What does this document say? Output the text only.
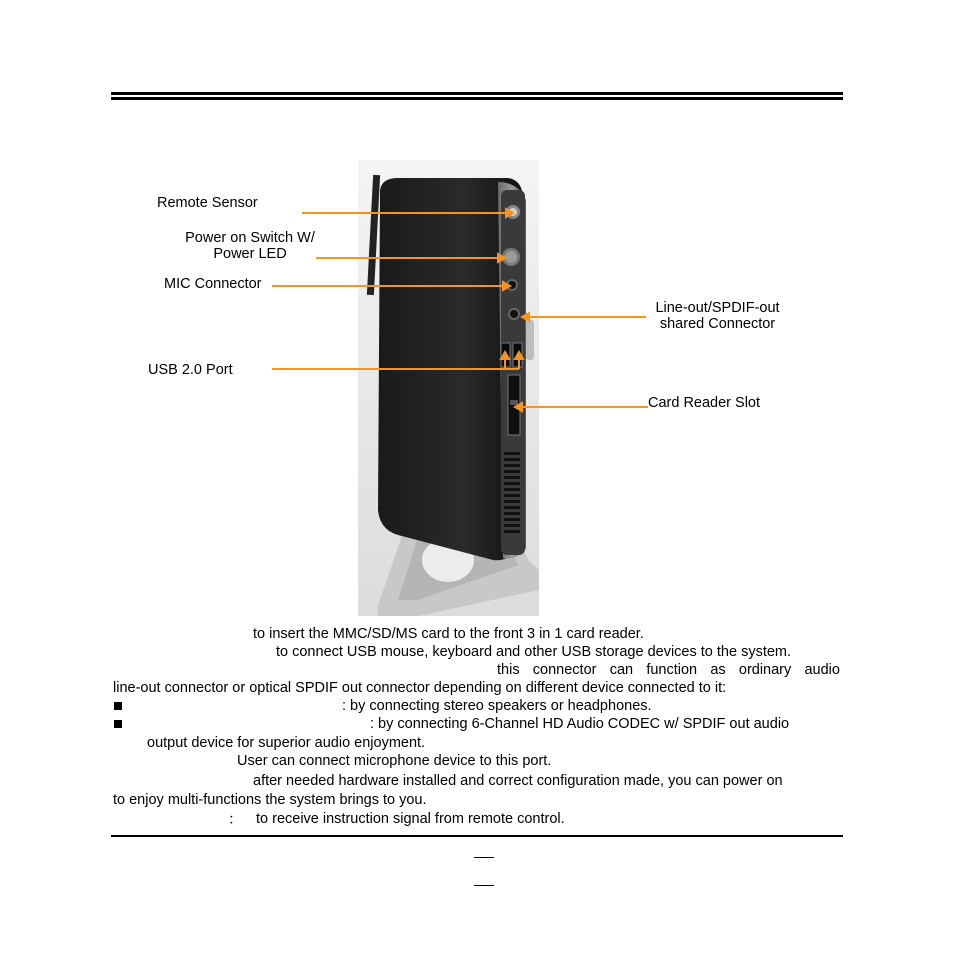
Remote Sensor
Power on Switch W/
Power LED
MIC Connector
USB 2.0 Port
Line-out/SPDIF-out
shared Connector
Card Reader Slot
to insert the MMC/SD/MS card to the front 3 in 1 card reader.
to connect USB mouse, keyboard and other USB storage devices to the system.
this connector can function as ordinary audio
line-out connector or optical SPDIF out connector depending on different device connected to it:
: by connecting stereo speakers or headphones.
: by connecting 6-Channel HD Audio CODEC w/ SPDIF out audio
output device for superior audio enjoyment.
User can connect microphone device to this port.
after needed hardware installed and correct configuration made, you can power on
to enjoy multi-functions the system brings to you.
： to receive instruction signal from remote control.
